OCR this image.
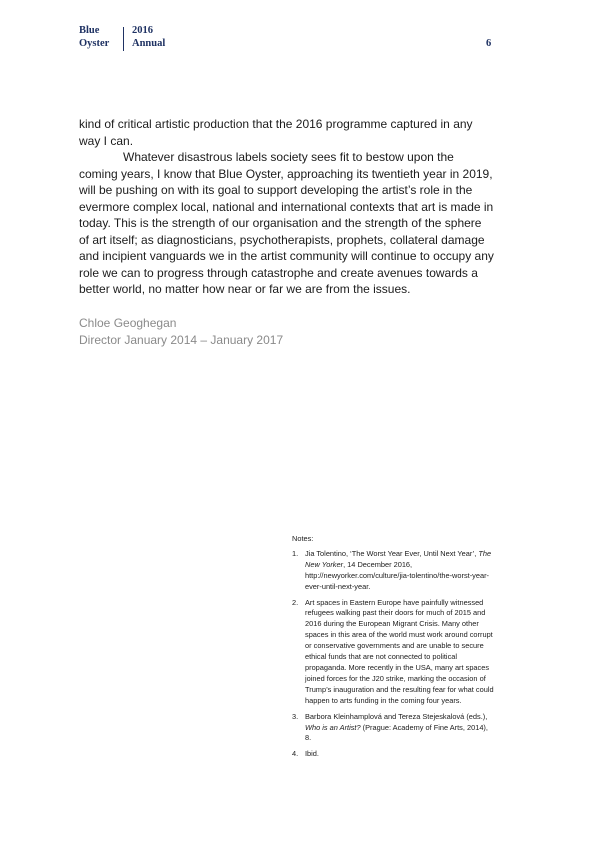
Blue
Oyster
2016
Annual	6

kind of critical artistic production that the 2016 programme captured in any way I can.

Whatever disastrous labels society sees fit to bestow upon the coming years, I know that Blue Oyster, approaching its twentieth year in 2019, will be pushing on with its goal to support developing the artist’s role in the evermore complex local, national and international contexts that art is made in today. This is the strength of our organisation and the strength of the sphere of art itself; as diagnosticians, psychotherapists, prophets, collateral damage and incipient vanguards we in the artist community will continue to occupy any role we can to progress through catastrophe and create avenues towards a better world, no matter how near or far we are from the issues.

Chloe Geoghegan
Director January 2014 – January 2017
Notes:
1. Jia Tolentino, ‘The Worst Year Ever, Until Next Year’, The New Yorker, 14 December 2016, http://newyorker.com/culture/jia-tolentino/the-worst-year-ever-until-next-year.
2. Art spaces in Eastern Europe have painfully witnessed refugees walking past their doors for much of 2015 and 2016 during the European Migrant Crisis. Many other spaces in this area of the world must work around corrupt or conservative governments and are unable to secure ethical funds that are not connected to political propaganda. More recently in the USA, many art spaces joined forces for the J20 strike, marking the occasion of Trump’s inauguration and the resulting fear for what could happen to arts funding in the coming four years.
3. Barbora Kleinhamplová and Tereza Stejeskalová (eds.), Who is an Artist? (Prague: Academy of Fine Arts, 2014), 8.
4. Ibid.
